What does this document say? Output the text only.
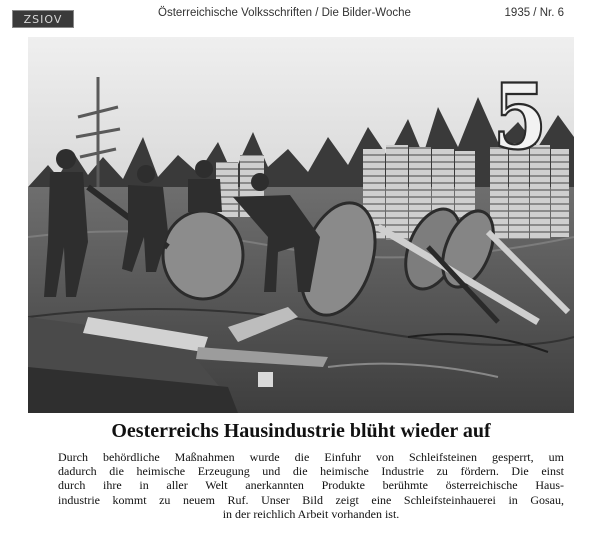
ZSIOV	Österreichische Volksschriften / Die Bilder-Woche	1935 / Nr. 6
5
Oesterreichs Hausindustrie blüht wieder auf
Durch behördliche Maßnahmen wurde die Einfuhr von Schleifsteinen gesperrt, um
dadurch die heimische Erzeugung und die heimische Industrie zu fördern. Die einst
durch ihre in aller Welt anerkannten Produkte berühmte österreichische Haus-
industrie kommt zu neuem Ruf. Unser Bild zeigt eine Schleifsteinhauerei in Gosau,
in der reichlich Arbeit vorhanden ist.
